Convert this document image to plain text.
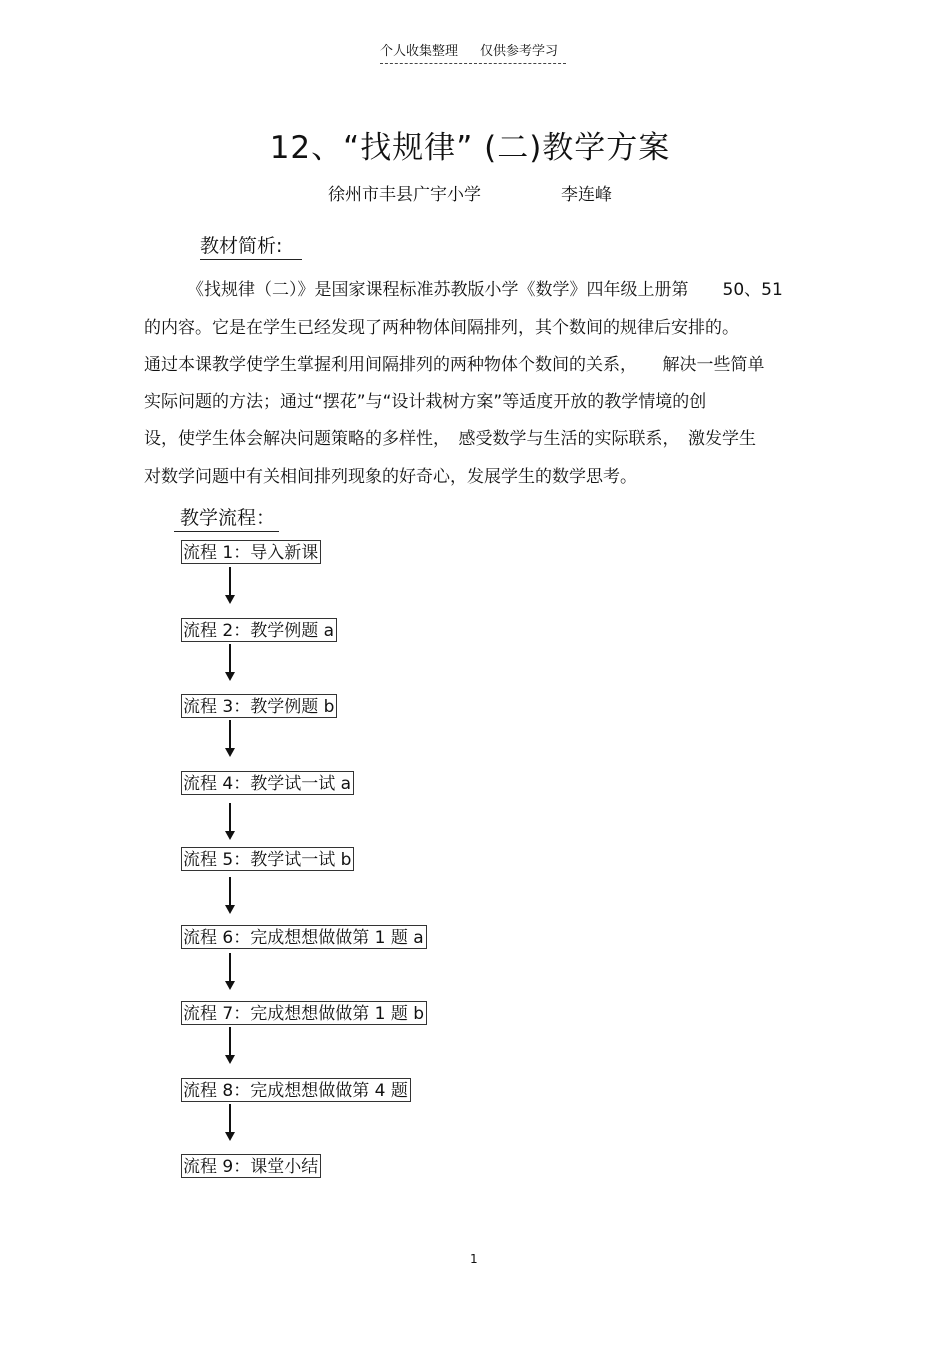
个人收集整理 仅供参考学习
12、“找规律” (二)教学方案
徐州市丰县广宇小学	李连峰
教材简析:
《找规律（二）》是国家课程标准苏教版小学《数学》四年级上册第　　50、51
的内容。它是在学生已经发现了两种物体间隔排列，其个数间的规律后安排的。
通过本课教学使学生掌握利用间隔排列的两种物体个数间的关系，　　解决一些简单
实际问题的方法；通过“摆花”与“设计栽树方案”等适度开放的教学情境的创
设，使学生体会解决问题策略的多样性，　感受数学与生活的实际联系，　激发学生
对数学问题中有关相间排列现象的好奇心，发展学生的数学思考。
教学流程：
流程 1：导入新课
流程 2：教学例题 a
流程 3：教学例题 b
流程 4：教学试一试 a
流程 5：教学试一试 b
流程 6：完成想想做做第 1 题 a
流程 7：完成想想做做第 1 题 b
流程 8：完成想想做做第 4 题
流程 9：课堂小结
1
